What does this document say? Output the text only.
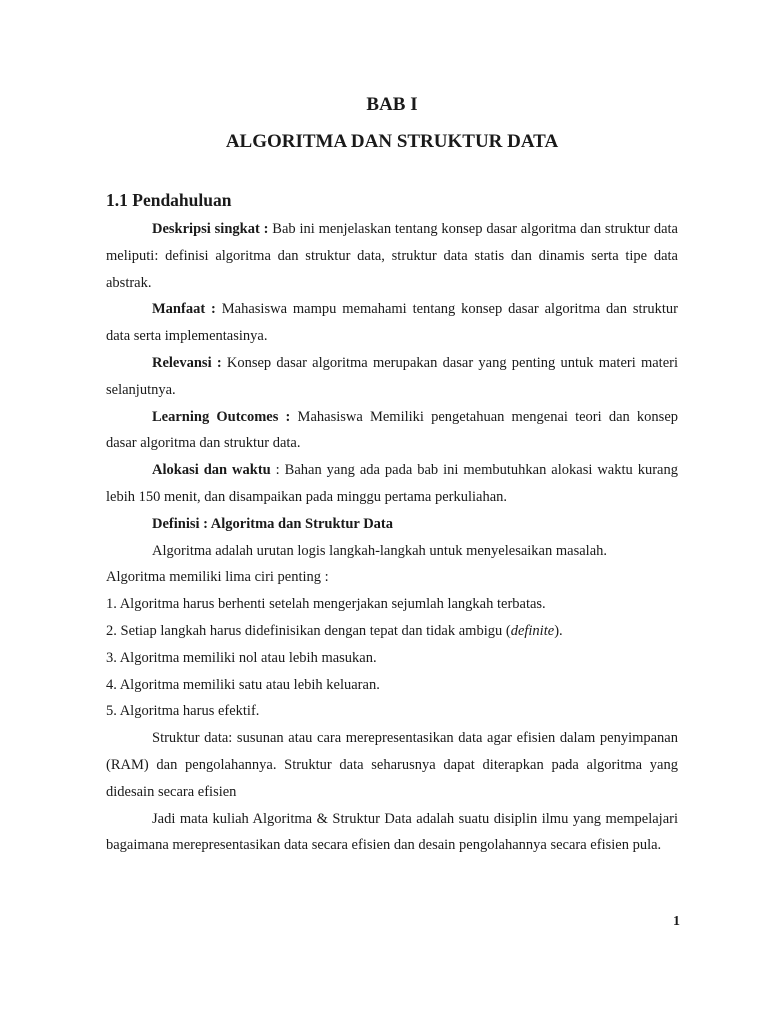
BAB I
ALGORITMA DAN STRUKTUR DATA
1.1 Pendahuluan

Deskripsi singkat : Bab ini menjelaskan tentang konsep dasar algoritma dan struktur data meliputi: definisi algoritma dan struktur data, struktur data statis dan dinamis serta tipe data abstrak.

Manfaat : Mahasiswa mampu memahami tentang konsep dasar algoritma dan struktur data serta implementasinya.

Relevansi : Konsep dasar algoritma merupakan dasar yang penting untuk materi materi selanjutnya.

Learning Outcomes : Mahasiswa Memiliki pengetahuan mengenai teori dan konsep dasar algoritma dan struktur data.

Alokasi dan waktu : Bahan yang ada pada bab ini membutuhkan alokasi waktu kurang lebih 150 menit, dan disampaikan pada minggu pertama perkuliahan.

Definisi : Algoritma dan Struktur Data

Algoritma adalah urutan logis langkah-langkah untuk menyelesaikan masalah.

Algoritma memiliki lima ciri penting :

1. Algoritma harus berhenti setelah mengerjakan sejumlah langkah terbatas.

2. Setiap langkah harus didefinisikan dengan tepat dan tidak ambigu (definite).

3. Algoritma memiliki nol atau lebih masukan.

4. Algoritma memiliki satu atau lebih keluaran.

5. Algoritma harus efektif.

Struktur data: susunan atau cara merepresentasikan data agar efisien dalam penyimpanan (RAM) dan pengolahannya. Struktur data seharusnya dapat diterapkan pada algoritma yang didesain secara efisien

Jadi mata kuliah Algoritma & Struktur Data adalah suatu disiplin ilmu yang mempelajari bagaimana merepresentasikan data secara efisien dan desain pengolahannya secara efisien pula.

1
